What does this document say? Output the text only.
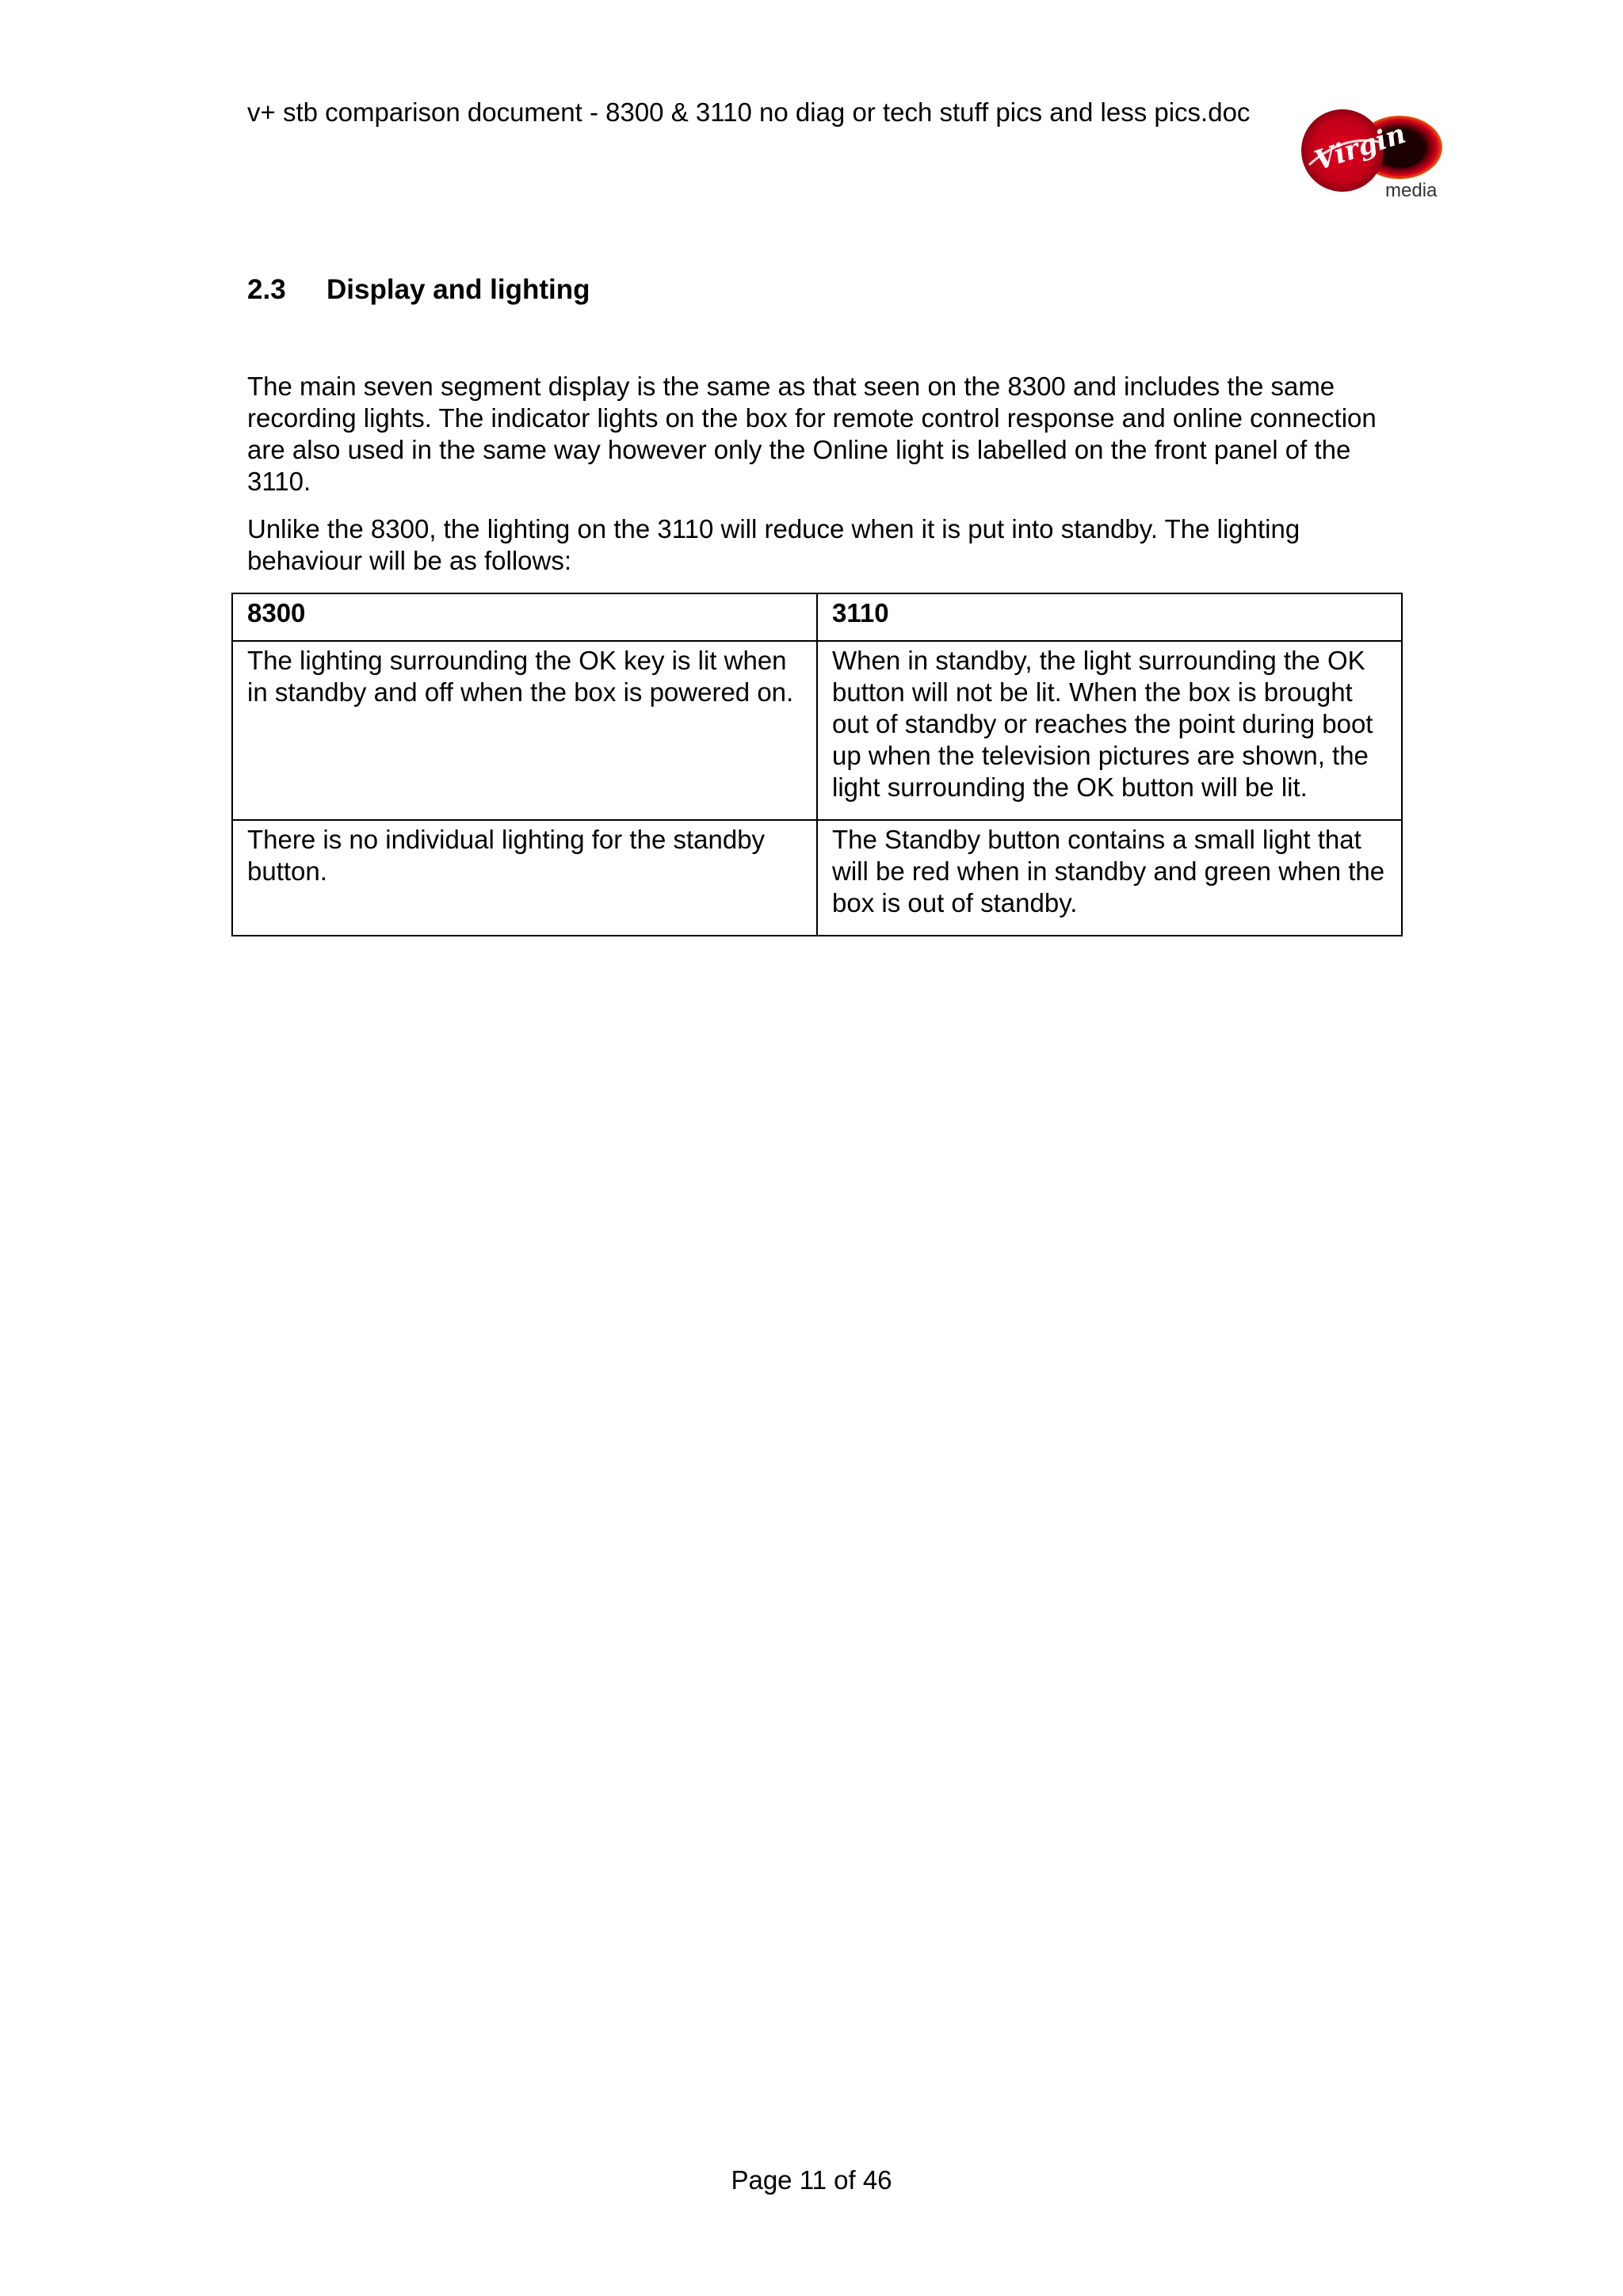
v+ stb comparison document - 8300 & 3110 no diag or tech stuff pics and less pics.doc
Virgin
media
2.3	Display and lighting

The main seven segment display is the same as that seen on the 8300 and includes the same recording lights. The indicator lights on the box for remote control response and online connection are also used in the same way however only the Online light is labelled on the front panel of the 3110.

Unlike the 8300, the lighting on the 3110 will reduce when it is put into standby. The lighting behaviour will be as follows:

8300	3110
The lighting surrounding the OK key is lit when in standby and off when the box is powered on.	When in standby, the light surrounding the OK button will not be lit. When the box is brought out of standby or reaches the point during boot up when the television pictures are shown, the light surrounding the OK button will be lit.
There is no individual lighting for the standby button.	The Standby button contains a small light that will be red when in standby and green when the box is out of standby.
Page 11 of 46
